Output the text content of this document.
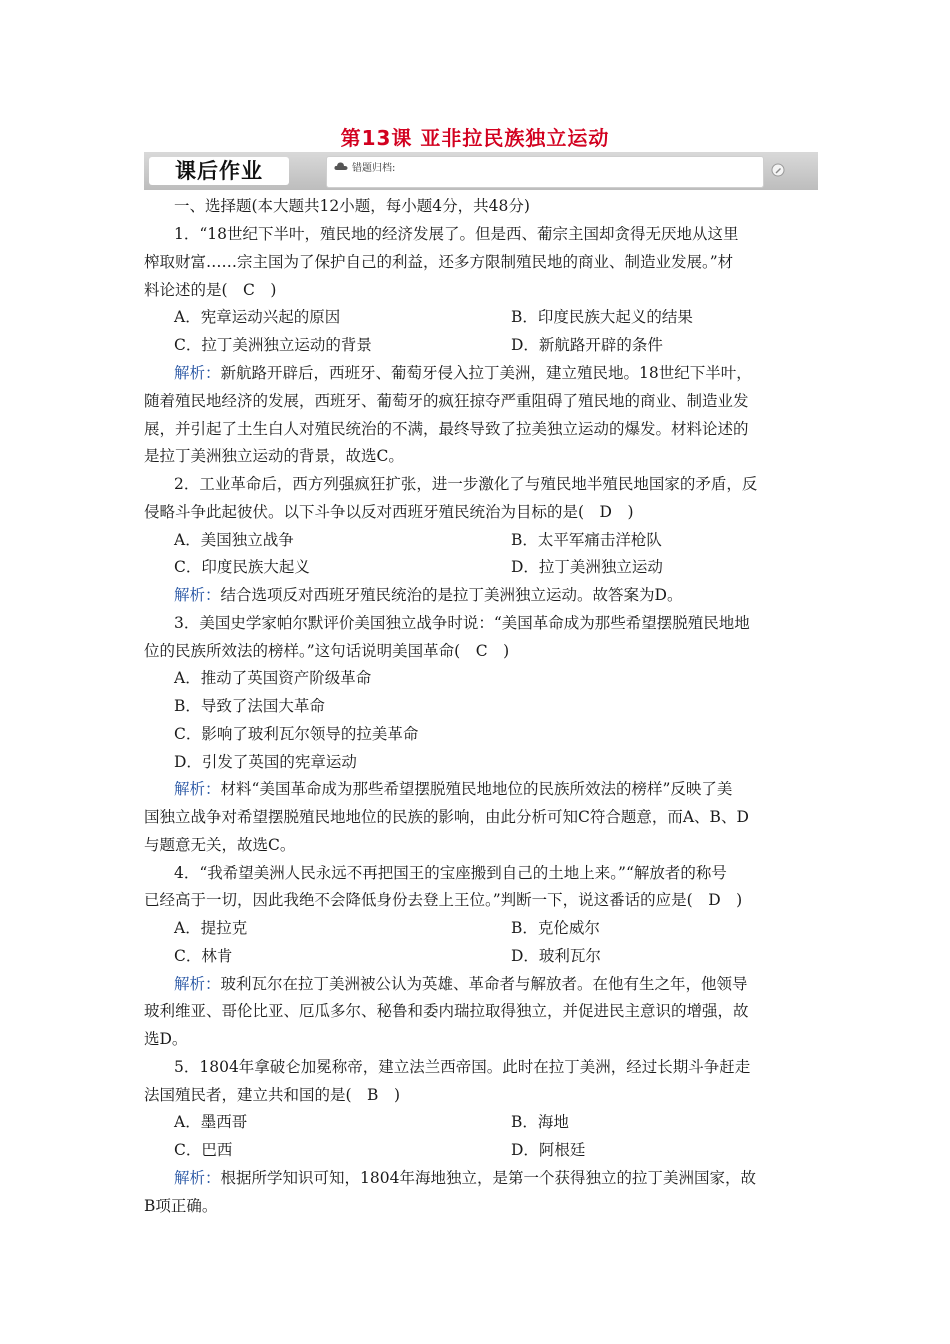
第13课 亚非拉民族独立运动
课后作业	错题归档:
一、选择题(本大题共12小题，每小题4分，共48分)
1．“18世纪下半叶，殖民地的经济发展了。但是西、葡宗主国却贪得无厌地从这里
榨取财富……宗主国为了保护自己的利益，还多方限制殖民地的商业、制造业发展。”材
料论述的是(　C　)
A．宪章运动兴起的原因	B．印度民族大起义的结果
C．拉丁美洲独立运动的背景	D．新航路开辟的条件
解析：新航路开辟后，西班牙、葡萄牙侵入拉丁美洲，建立殖民地。18世纪下半叶，
随着殖民地经济的发展，西班牙、葡萄牙的疯狂掠夺严重阻碍了殖民地的商业、制造业发
展，并引起了土生白人对殖民统治的不满，最终导致了拉美独立运动的爆发。材料论述的
是拉丁美洲独立运动的背景，故选C。
2．工业革命后，西方列强疯狂扩张，进一步激化了与殖民地半殖民地国家的矛盾，反
侵略斗争此起彼伏。以下斗争以反对西班牙殖民统治为目标的是(　D　)
A．美国独立战争	B．太平军痛击洋枪队
C．印度民族大起义	D．拉丁美洲独立运动
解析：结合选项反对西班牙殖民统治的是拉丁美洲独立运动。故答案为D。
3．美国史学家帕尔默评价美国独立战争时说：“美国革命成为那些希望摆脱殖民地地
位的民族所效法的榜样。”这句话说明美国革命(　C　)
A．推动了英国资产阶级革命
B．导致了法国大革命
C．影响了玻利瓦尔领导的拉美革命
D．引发了英国的宪章运动
解析：材料“美国革命成为那些希望摆脱殖民地地位的民族所效法的榜样”反映了美
国独立战争对希望摆脱殖民地地位的民族的影响，由此分析可知C符合题意，而A、B、D
与题意无关，故选C。
4．“我希望美洲人民永远不再把国王的宝座搬到自己的土地上来。”“解放者的称号
已经高于一切，因此我绝不会降低身份去登上王位。”判断一下，说这番话的应是(　D　)
A．提拉克	B．克伦威尔
C．林肯	D．玻利瓦尔
解析：玻利瓦尔在拉丁美洲被公认为英雄、革命者与解放者。在他有生之年，他领导
玻利维亚、哥伦比亚、厄瓜多尔、秘鲁和委内瑞拉取得独立，并促进民主意识的增强，故
选D。
5．1804年拿破仑加冕称帝，建立法兰西帝国。此时在拉丁美洲，经过长期斗争赶走
法国殖民者，建立共和国的是(　B　)
A．墨西哥	B．海地
C．巴西	D．阿根廷
解析：根据所学知识可知，1804年海地独立，是第一个获得独立的拉丁美洲国家，故
B项正确。
